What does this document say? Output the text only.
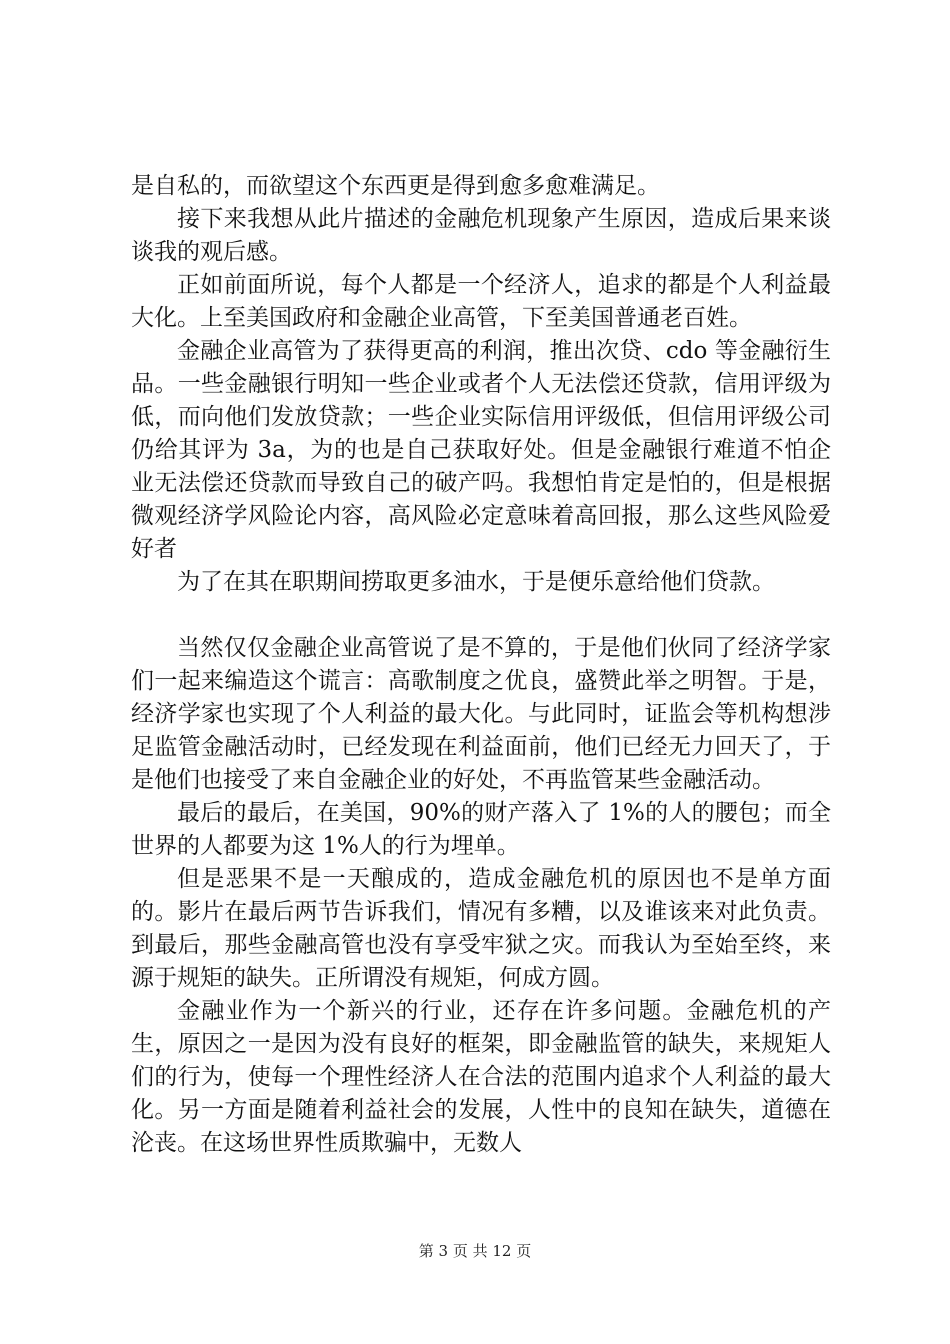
是自私的，而欲望这个东西更是得到愈多愈难满足。

接下来我想从此片描述的金融危机现象产生原因，造成后果来谈谈我的观后感。

正如前面所说，每个人都是一个经济人，追求的都是个人利益最大化。上至美国政府和金融企业高管，下至美国普通老百姓。

金融企业高管为了获得更高的利润，推出次贷、cdo 等金融衍生品。一些金融银行明知一些企业或者个人无法偿还贷款，信用评级为低，而向他们发放贷款；一些企业实际信用评级低，但信用评级公司仍给其评为 3a，为的也是自己获取好处。但是金融银行难道不怕企业无法偿还贷款而导致自己的破产吗。我想怕肯定是怕的，但是根据微观经济学风险论内容，高风险必定意味着高回报，那么这些风险爱好者

为了在其在职期间捞取更多油水，于是便乐意给他们贷款。

当然仅仅金融企业高管说了是不算的，于是他们伙同了经济学家们一起来编造这个谎言：高歌制度之优良，盛赞此举之明智。于是，经济学家也实现了个人利益的最大化。与此同时，证监会等机构想涉足监管金融活动时，已经发现在利益面前，他们已经无力回天了，于是他们也接受了来自金融企业的好处，不再监管某些金融活动。

最后的最后，在美国，90%的财产落入了 1%的人的腰包；而全世界的人都要为这 1%人的行为埋单。

但是恶果不是一天酿成的，造成金融危机的原因也不是单方面的。影片在最后两节告诉我们，情况有多糟，以及谁该来对此负责。到最后，那些金融高管也没有享受牢狱之灾。而我认为至始至终，来源于规矩的缺失。正所谓没有规矩，何成方圆。

金融业作为一个新兴的行业，还存在许多问题。金融危机的产生，原因之一是因为没有良好的框架，即金融监管的缺失，来规矩人们的行为，使每一个理性经济人在合法的范围内追求个人利益的最大化。另一方面是随着利益社会的发展，人性中的良知在缺失，道德在沦丧。在这场世界性质欺骗中，无数人

第 3 页 共 12 页
